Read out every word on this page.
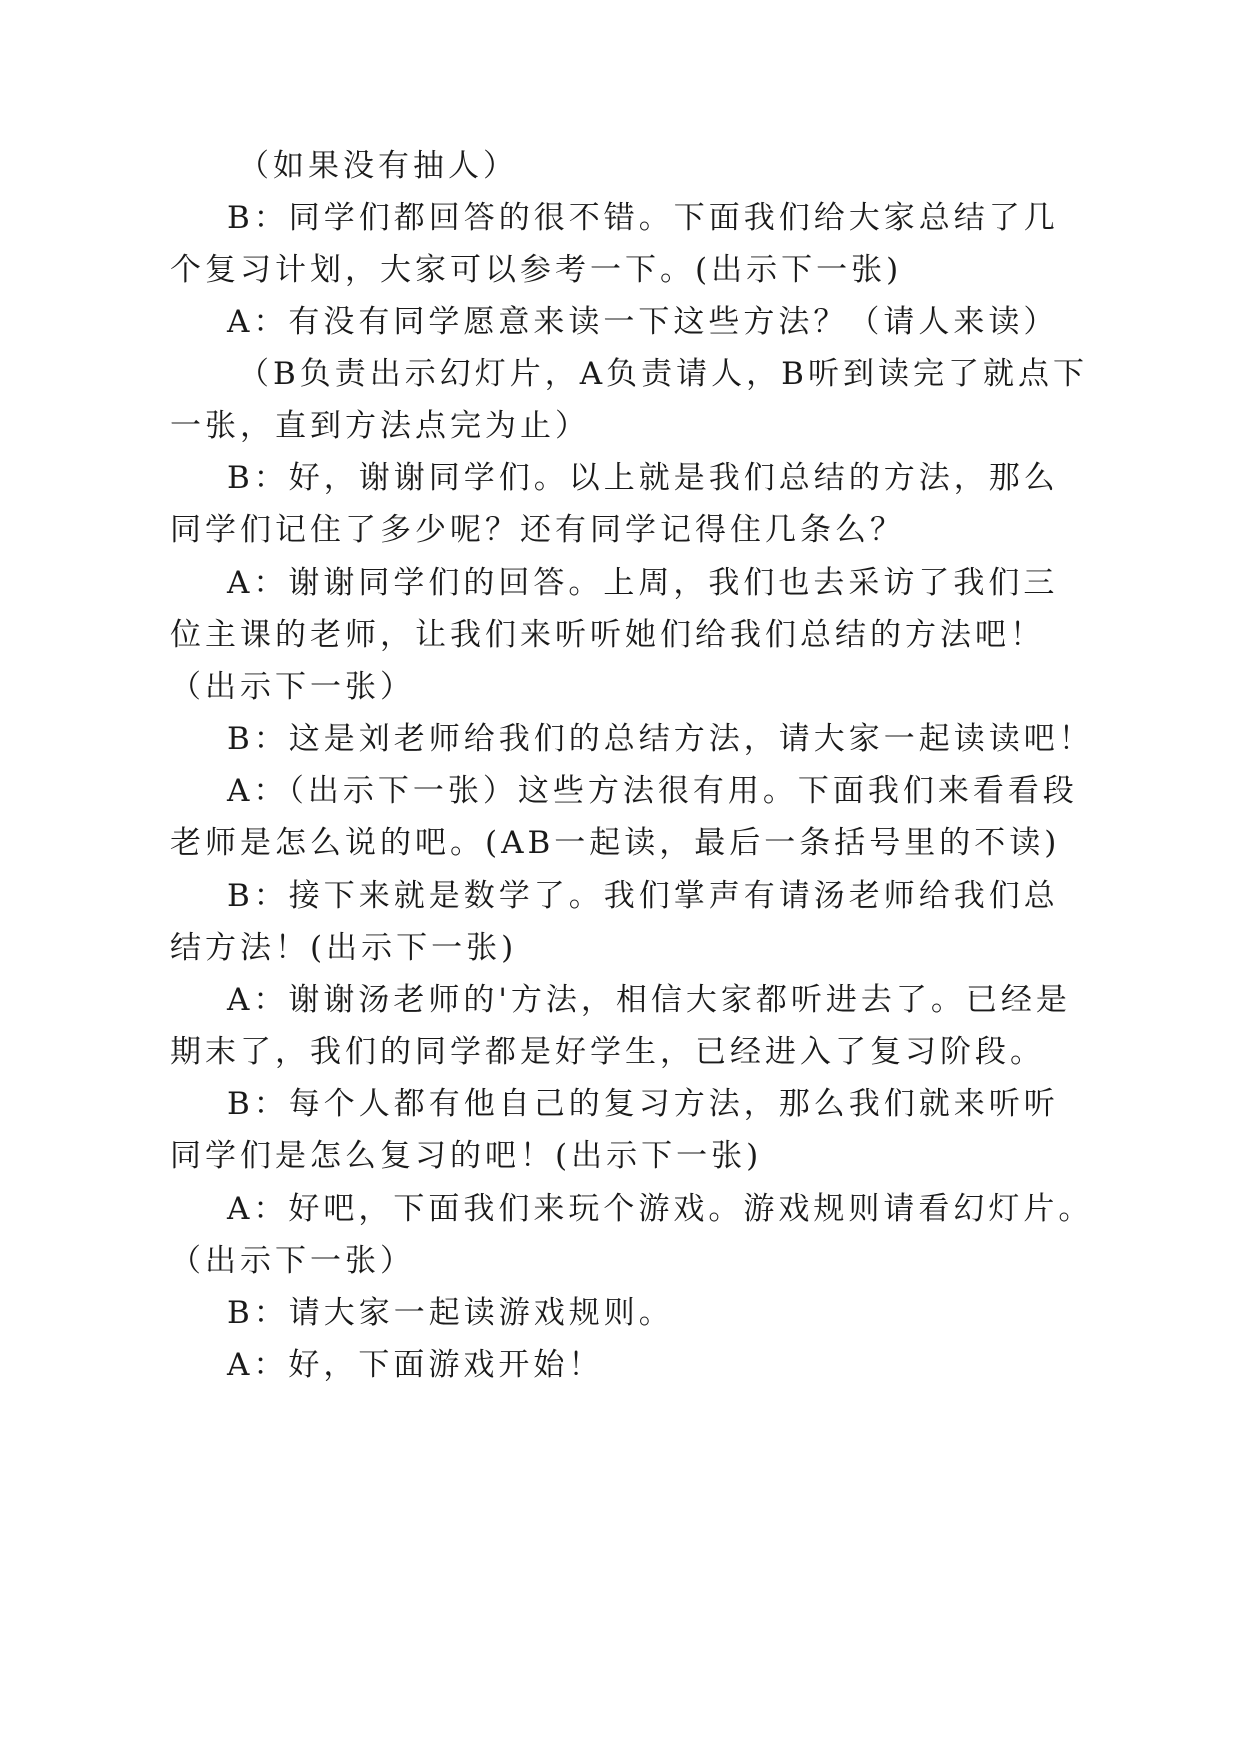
（如果没有抽人）
B：同学们都回答的很不错。下面我们给大家总结了几
个复习计划，大家可以参考一下。(出示下一张)
A：有没有同学愿意来读一下这些方法？（请人来读）
（B负责出示幻灯片，A负责请人，B听到读完了就点下
一张，直到方法点完为止）
B：好，谢谢同学们。以上就是我们总结的方法，那么
同学们记住了多少呢？还有同学记得住几条么？
A：谢谢同学们的回答。上周，我们也去采访了我们三
位主课的老师，让我们来听听她们给我们总结的方法吧！
（出示下一张）
B：这是刘老师给我们的总结方法，请大家一起读读吧！
A：（出示下一张）这些方法很有用。下面我们来看看段
老师是怎么说的吧。(AB一起读，最后一条括号里的不读)
B：接下来就是数学了。我们掌声有请汤老师给我们总
结方法！(出示下一张)
A：谢谢汤老师的'方法，相信大家都听进去了。已经是
期末了，我们的同学都是好学生，已经进入了复习阶段。
B：每个人都有他自己的复习方法，那么我们就来听听
同学们是怎么复习的吧！(出示下一张)
A：好吧，下面我们来玩个游戏。游戏规则请看幻灯片。
（出示下一张）
B：请大家一起读游戏规则。
A：好，下面游戏开始！
